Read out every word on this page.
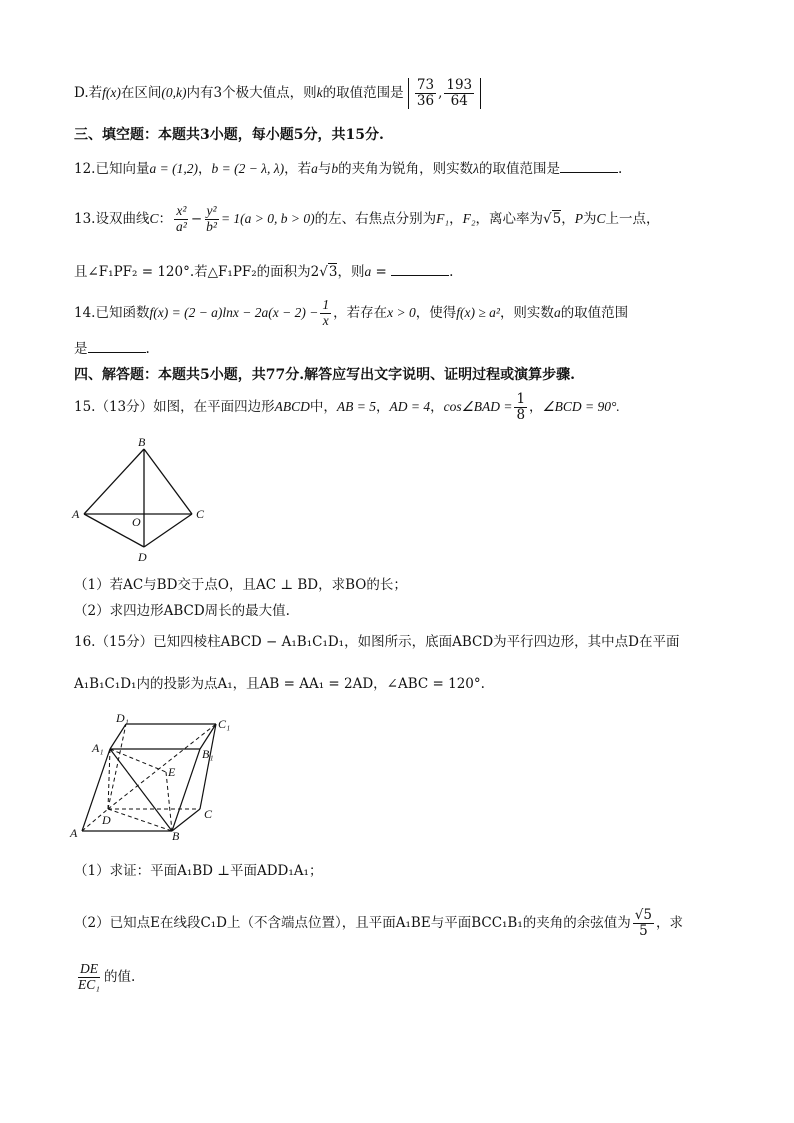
D.若f(x)在区间(0,k)内有3个极大值点，则k的取值范围是 $\frac{73}{36}$ , $\frac{193}{64}$
三、填空题：本题共3小题，每小题5分，共15分.
12.已知向量a = (1,2)，b = (2 − λ, λ)，若a与b的夹角为锐角，则实数λ的取值范围是	.
13.设双曲线C： $\frac{\text{x²}}{\text{a²}} - \frac{\text{y²}}{\text{b²}} = 1(a > 0$, b > 0)的左、右焦点分别为F₁，F₂，离心率为√5，P为C上一点，
且∠F₁PF₂ = 120°.若△F₁PF₂的面积为2√3，则a =	.
14.已知函数$f(x) = (2 - a)\ln x - 2a(x - 2) - \frac{1}{x}$ ，若存在x > 0，使得f(x) ≥ a²，则实数a的取值范围
是	.
四、解答题：本题共5小题，共77分.解答应写出文字说明、证明过程或演算步骤.
15.（13分）如图，在平面四边形ABCD中，AB = 5，AD = 4，cos∠BAD = $\frac{1}{8}$ ，∠BCD = 90°.
B
A	C
D
O
（1）若AC与BD交于点O，且AC ⊥ BD，求BO的长；
（2）求四边形ABCD周长的最大值.
16.（15分）已知四棱柱ABCD − A₁B₁C₁D₁，如图所示，底面ABCD为平行四边形，其中点D在平面
A₁B₁C₁D₁内的投影为点A₁，且AB = AA₁ = 2AD，∠ABC = 120°.
D₁	C₁
A₁	B₁
E
D	C
A	B
（1）求证：平面A₁BD ⊥平面ADD₁A₁；
（2）已知点E在线段C₁D上（不含端点位置），且平面A₁BE与平面BCC₁B₁的夹角的余弦值为 $\frac{√5}{5}$ ，求
$\frac{DE}{\text{EC₁}}$ 的值.
